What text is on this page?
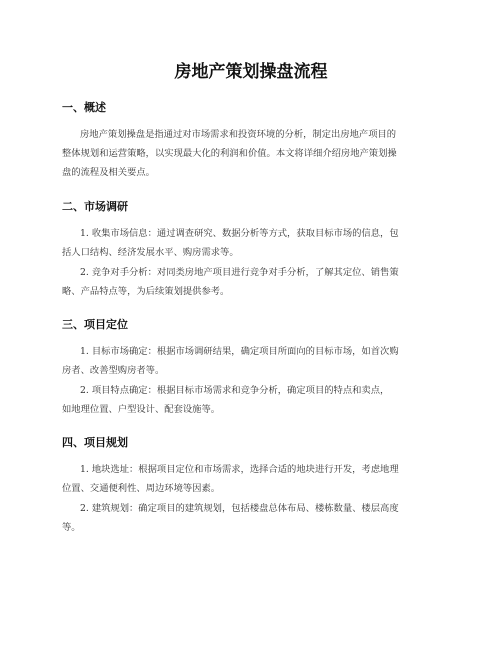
房地产策划操盘流程
一、概述
房地产策划操盘是指通过对市场需求和投资环境的分析，制定出房地产项目的
整体规划和运营策略，以实现最大化的利润和价值。本文将详细介绍房地产策划操
盘的流程及相关要点。
二、市场调研
1. 收集市场信息：通过调查研究、数据分析等方式，获取目标市场的信息，包
括人口结构、经济发展水平、购房需求等。
2. 竞争对手分析：对同类房地产项目进行竞争对手分析，了解其定位、销售策
略、产品特点等，为后续策划提供参考。
三、项目定位
1. 目标市场确定：根据市场调研结果，确定项目所面向的目标市场，如首次购
房者、改善型购房者等。
2. 项目特点确定：根据目标市场需求和竞争分析，确定项目的特点和卖点，
如地理位置、户型设计、配套设施等。
四、项目规划
1. 地块选址：根据项目定位和市场需求，选择合适的地块进行开发，考虑地理
位置、交通便利性、周边环境等因素。
2. 建筑规划：确定项目的建筑规划，包括楼盘总体布局、楼栋数量、楼层高度
等。
